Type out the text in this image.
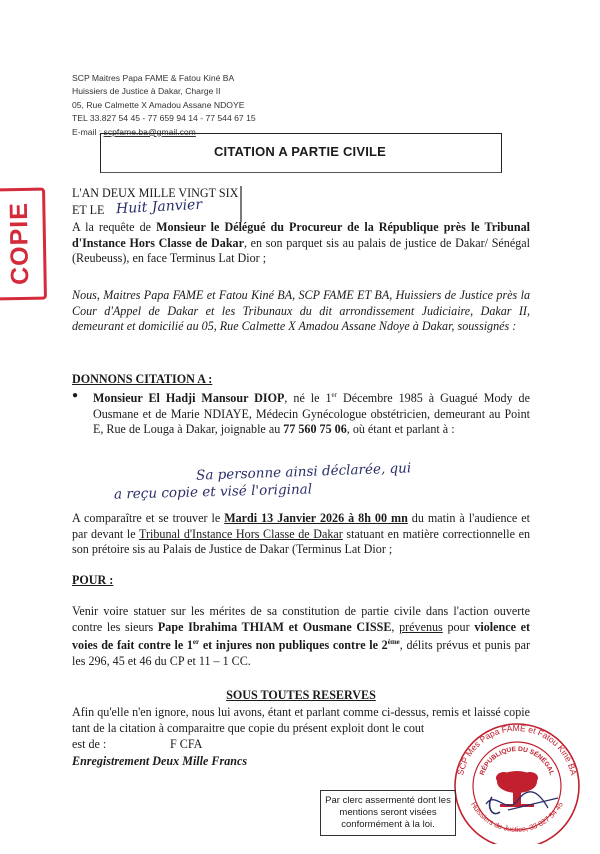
SCP Maitres Papa FAME & Fatou Kiné BA
Huissiers de Justice à Dakar, Charge II
05, Rue Calmette X Amadou Assane NDOYE
TEL 33.827 54 45 - 77 659 94 14 - 77 544 67 15
E-mail : scpfame.ba@gmail.com
CITATION A PARTIE CIVILE
COPIE
L'AN DEUX MILLE VINGT SIX
ET LE Huit Janvier
A la requête de Monsieur le Délégué du Procureur de la République près le Tribunal d'Instance Hors Classe de Dakar, en son parquet sis au palais de justice de Dakar/ Sénégal (Reubeuss), en face Terminus Lat Dior ;
Nous, Maitres Papa FAME et Fatou Kiné BA, SCP FAME ET BA, Huissiers de Justice près la Cour d'Appel de Dakar et les Tribunaux du dit arrondissement Judiciaire, Dakar II, demeurant et domicilié au 05, Rue Calmette X Amadou Assane Ndoye à Dakar, soussignés :
DONNONS CITATION A :
● Monsieur El Hadji Mansour DIOP, né le 1er Décembre 1985 à Guagué Mody de Ousmane et de Marie NDIAYE, Médecin Gynécologue obstétricien, demeurant au Point E, Rue de Louga à Dakar, joignable au 77 560 75 06, où étant et parlant à :
Sa personne ainsi déclarée, qui
a reçu copie et visé l'original
A comparaître et se trouver le Mardi 13 Janvier 2026 à 8h 00 mn du matin à l'audience et par devant le Tribunal d'Instance Hors Classe de Dakar statuant en matière correctionnelle en son prétoire sis au Palais de Justice de Dakar (Terminus Lat Dior ;
POUR :
Venir voire statuer sur les mérites de sa constitution de partie civile dans l'action ouverte contre les sieurs Pape Ibrahima THIAM et Ousmane CISSE, prévenus pour violence et voies de fait contre le 1er et injures non publiques contre le 2ème, délits prévus et punis par les 296, 45 et 46 du CP et 11 – 1 CC.
SOUS TOUTES RESERVES
Afin qu'elle n'en ignore, nous lui avons, étant et parlant comme ci-dessus, remis et laissé copie tant de la citation à comparaitre que copie du présent exploit dont le cout
est de :	F CFA
Enregistrement Deux Mille Francs
SCP Mes Papa FAME et Fatou Kiné BA
Huissiers de Justice, 33 827 54 45
RÉPUBLIQUE DU SÉNÉGAL
Par clerc assermenté dont les mentions seront visées conformément à la loi.
